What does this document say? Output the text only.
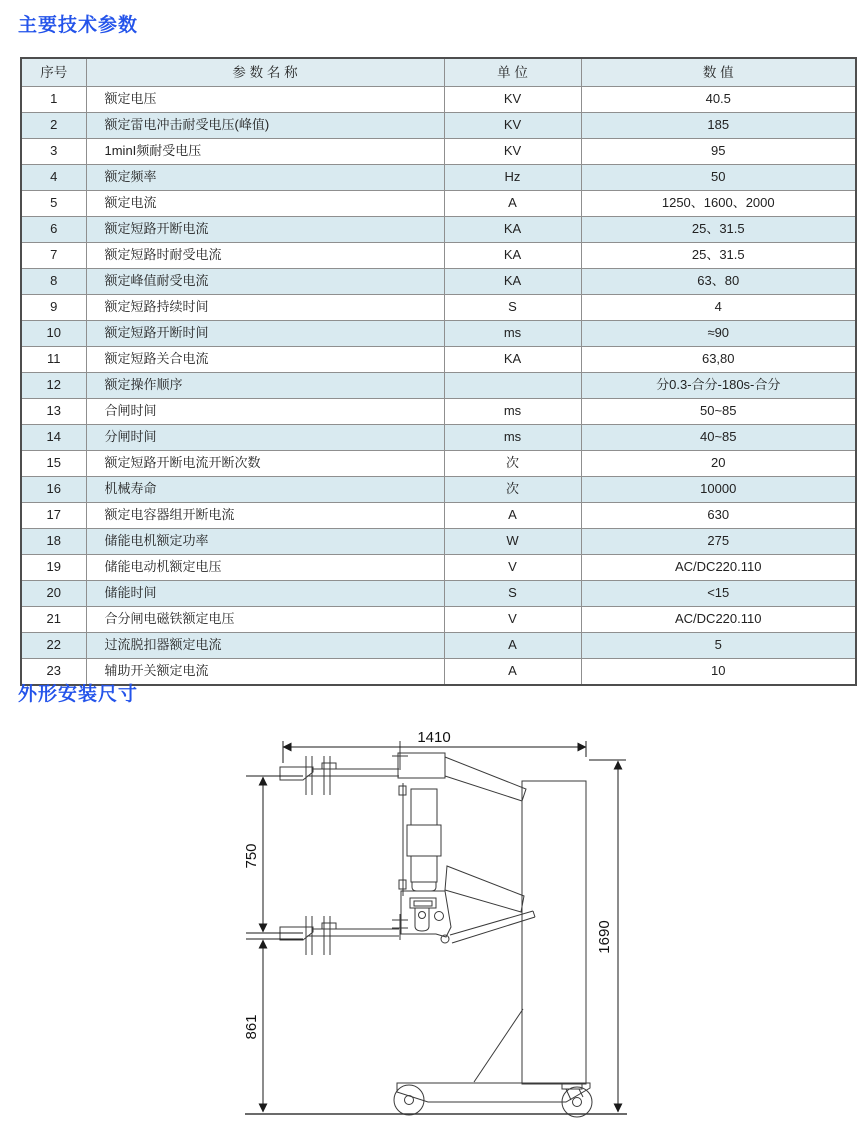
主要技术参数
序号	参 数 名 称	单 位	数 值
1	额定电压	KV	40.5
2	额定雷电冲击耐受电压(峰值)	KV	185
3	1minI频耐受电压	KV	95
4	额定频率	Hz	50
5	额定电流	A	1250、1600、2000
6	额定短路开断电流	KA	25、31.5
7	额定短路时耐受电流	KA	25、31.5
8	额定峰值耐受电流	KA	63、80
9	额定短路持续时间	S	4
10	额定短路开断时间	ms	≈90
11	额定短路关合电流	KA	63,80
12	额定操作顺序		分0.3-合分-180s-合分
13	合闸时间	ms	50~85
14	分闸时间	ms	40~85
15	额定短路开断电流开断次数	次	20
16	机械寿命	次	10000
17	额定电容器组开断电流	A	630
18	储能电机额定功率	W	275
19	储能电动机额定电压	V	AC/DC220.110
20	储能时间	S	<15
21	合分闸电磁铁额定电压	V	AC/DC220.110
22	过流脱扣器额定电流	A	5
23	辅助开关额定电流	A	10
外形安装尺寸
1410
750
861
1690
